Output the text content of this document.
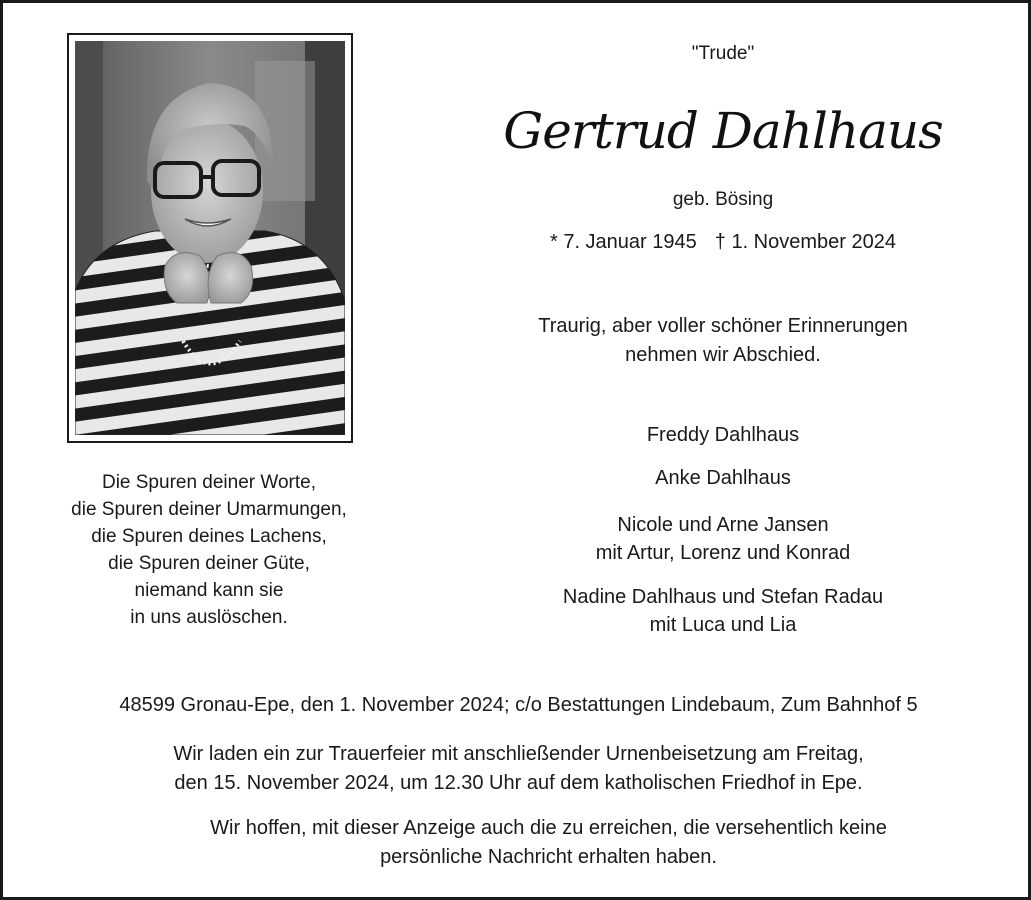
Die Spuren deiner Worte,
die Spuren deiner Umarmungen,
die Spuren deines Lachens,
die Spuren deiner Güte,
niemand kann sie
in uns auslöschen.
"Trude"
Gertrud Dahlhaus
geb. Bösing
* 7. Januar 1945 † 1. November 2024
Traurig, aber voller schöner Erinnerungen
nehmen wir Abschied.
Freddy Dahlhaus
Anke Dahlhaus
Nicole und Arne Jansen
mit Artur, Lorenz und Konrad
Nadine Dahlhaus und Stefan Radau
mit Luca und Lia
48599 Gronau-Epe, den 1. November 2024; c/o Bestattungen Lindebaum, Zum Bahnhof 5
Wir laden ein zur Trauerfeier mit anschließender Urnenbeisetzung am Freitag,
den 15. November 2024, um 12.30 Uhr auf dem katholischen Friedhof in Epe.
Wir hoffen, mit dieser Anzeige auch die zu erreichen, die versehentlich keine
persönliche Nachricht erhalten haben.
